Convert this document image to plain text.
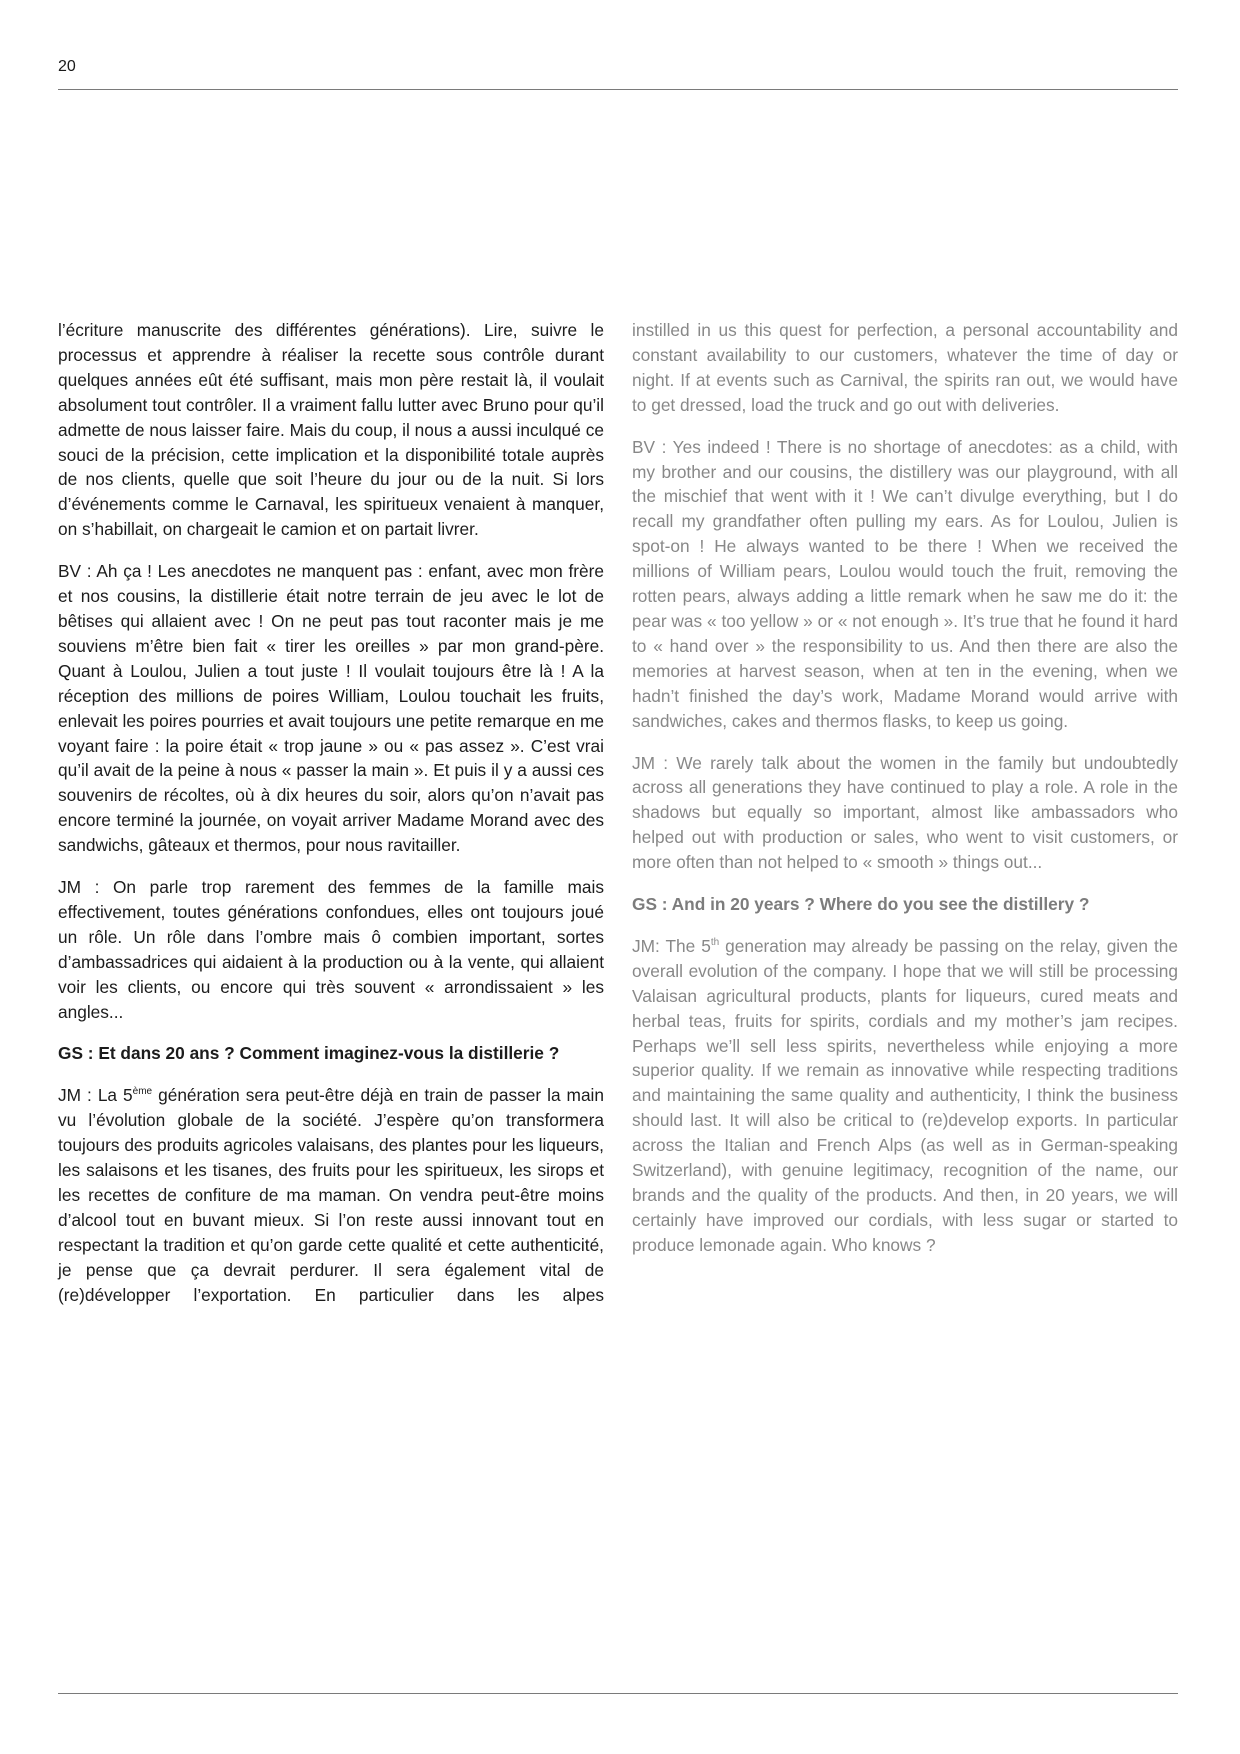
20

l’écriture manuscrite des différentes générations). Lire, suivre le processus et apprendre à réaliser la recette sous contrôle durant quelques années eût été suffisant, mais mon père restait là, il voulait absolument tout contrôler. Il a vraiment fallu lutter avec Bruno pour qu’il admette de nous laisser faire. Mais du coup, il nous a aussi inculqué ce souci de la précision, cette implication et la disponibilité totale auprès de nos clients, quelle que soit l’heure du jour ou de la nuit. Si lors d’événements comme le Carnaval, les spiritueux venaient à manquer, on s’habillait, on chargeait le camion et on partait livrer.

BV : Ah ça ! Les anecdotes ne manquent pas : enfant, avec mon frère et nos cousins, la distillerie était notre terrain de jeu avec le lot de bêtises qui allaient avec ! On ne peut pas tout raconter mais je me souviens m’être bien fait « tirer les oreilles » par mon grand-père. Quant à Loulou, Julien a tout juste ! Il voulait toujours être là ! A la réception des millions de poires William, Loulou touchait les fruits, enlevait les poires pourries et avait toujours une petite remarque en me voyant faire : la poire était « trop jaune » ou « pas assez ». C’est vrai qu’il avait de la peine à nous « passer la main ». Et puis il y a aussi ces souvenirs de récoltes, où à dix heures du soir, alors qu’on n’avait pas encore terminé la journée, on voyait arriver Madame Morand avec des sandwichs, gâteaux et thermos, pour nous ravitailler.

JM : On parle trop rarement des femmes de la famille mais effectivement, toutes générations confondues, elles ont toujours joué un rôle. Un rôle dans l’ombre mais ô combien important, sortes d’ambassadrices qui aidaient à la production ou à la vente, qui allaient voir les clients, ou encore qui très souvent « arrondissaient » les angles...

GS : Et dans 20 ans ? Comment imaginez-vous la distillerie ?

JM : La 5ème génération sera peut-être déjà en train de passer la main vu l’évolution globale de la société. J’espère qu’on transformera toujours des produits agricoles valaisans, des plantes pour les liqueurs, les salaisons et les tisanes, des fruits pour les spiritueux, les sirops et les recettes de confiture de ma maman. On vendra peut-être moins d’alcool tout en buvant mieux. Si l’on reste aussi innovant tout en respectant la tradition et qu’on garde cette qualité et cette authenticité, je pense que ça devrait perdurer. Il sera également vital de (re)développer l’exportation. En particulier dans les alpes

instilled in us this quest for perfection, a personal accountability and constant availability to our customers, whatever the time of day or night. If at events such as Carnival, the spirits ran out, we would have to get dressed, load the truck and go out with deliveries.

BV : Yes indeed ! There is no shortage of anecdotes: as a child, with my brother and our cousins, the distillery was our playground, with all the mischief that went with it ! We can’t divulge everything, but I do recall my grandfather often pulling my ears. As for Loulou, Julien is spot-on ! He always wanted to be there ! When we received the millions of William pears, Loulou would touch the fruit, removing the rotten pears, always adding a little remark when he saw me do it: the pear was « too yellow » or « not enough ». It’s true that he found it hard to « hand over » the responsibility to us. And then there are also the memories at harvest season, when at ten in the evening, when we hadn’t finished the day’s work, Madame Morand would arrive with sandwiches, cakes and thermos flasks, to keep us going.

JM : We rarely talk about the women in the family but undoubtedly across all generations they have continued to play a role. A role in the shadows but equally so important, almost like ambassadors who helped out with production or sales, who went to visit customers, or more often than not helped to « smooth » things out...

GS : And in 20 years ? Where do you see the distillery ?

JM: The 5th generation may already be passing on the relay, given the overall evolution of the company. I hope that we will still be processing Valaisan agricultural products, plants for liqueurs, cured meats and herbal teas, fruits for spirits, cordials and my mother’s jam recipes. Perhaps we’ll sell less spirits, nevertheless while enjoying a more superior quality. If we remain as innovative while respecting traditions and maintaining the same quality and authenticity, I think the business should last. It will also be critical to (re)develop exports. In particular across the Italian and French Alps (as well as in German-speaking Switzerland), with genuine legitimacy, recognition of the name, our brands and the quality of the products. And then, in 20 years, we will certainly have improved our cordials, with less sugar or started to produce lemonade again. Who knows ?
